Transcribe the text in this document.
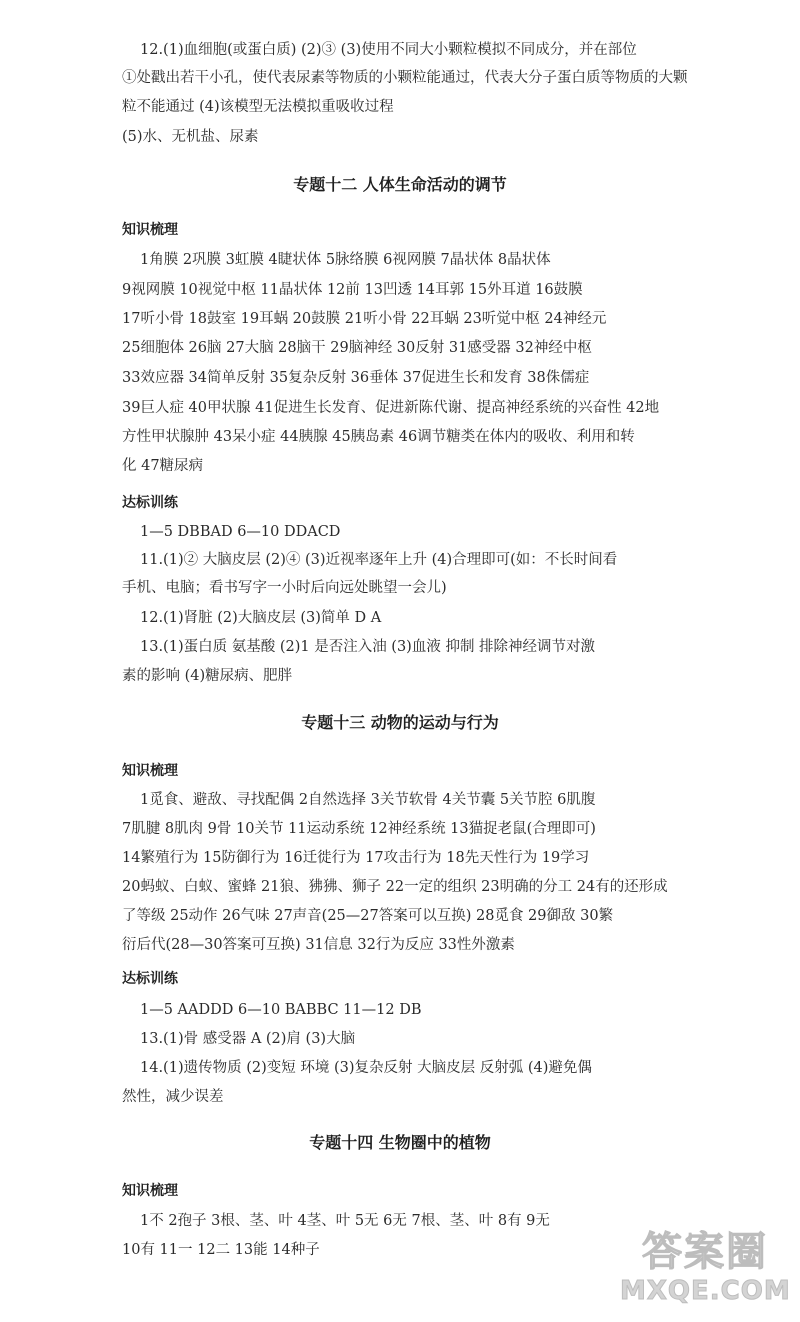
12.(1)血细胞(或蛋白质) (2)③ (3)使用不同大小颗粒模拟不同成分，并在部位
①处戳出若干小孔，使代表尿素等物质的小颗粒能通过，代表大分子蛋白质等物质的大颗
粒不能通过 (4)该模型无法模拟重吸收过程
(5)水、无机盐、尿素
专题十二 人体生命活动的调节
知识梳理
1角膜 2巩膜 3虹膜 4睫状体 5脉络膜 6视网膜 7晶状体 8晶状体
9视网膜 10视觉中枢 11晶状体 12前 13凹透 14耳郭 15外耳道 16鼓膜
17听小骨 18鼓室 19耳蜗 20鼓膜 21听小骨 22耳蜗 23听觉中枢 24神经元
25细胞体 26脑 27大脑 28脑干 29脑神经 30反射 31感受器 32神经中枢
33效应器 34简单反射 35复杂反射 36垂体 37促进生长和发育 38侏儒症
39巨人症 40甲状腺 41促进生长发育、促进新陈代谢、提高神经系统的兴奋性 42地
方性甲状腺肿 43呆小症 44胰腺 45胰岛素 46调节糖类在体内的吸收、利用和转
化 47糖尿病
达标训练
1—5 DBBAD 6—10 DDACD
11.(1)② 大脑皮层 (2)④ (3)近视率逐年上升 (4)合理即可(如：不长时间看
手机、电脑；看书写字一小时后向远处眺望一会儿)
12.(1)肾脏 (2)大脑皮层 (3)简单 D A
13.(1)蛋白质 氨基酸 (2)1 是否注入油 (3)血液 抑制 排除神经调节对激
素的影响 (4)糖尿病、肥胖
专题十三 动物的运动与行为
知识梳理
1觅食、避敌、寻找配偶 2自然选择 3关节软骨 4关节囊 5关节腔 6肌腹
7肌腱 8肌肉 9骨 10关节 11运动系统 12神经系统 13猫捉老鼠(合理即可)
14繁殖行为 15防御行为 16迁徙行为 17攻击行为 18先天性行为 19学习
20蚂蚁、白蚁、蜜蜂 21狼、狒狒、狮子 22一定的组织 23明确的分工 24有的还形成
了等级 25动作 26气味 27声音(25—27答案可以互换) 28觅食 29御敌 30繁
衍后代(28—30答案可互换) 31信息 32行为反应 33性外激素
达标训练
1—5 AADDD 6—10 BABBC 11—12 DB
13.(1)骨 感受器 A (2)肩 (3)大脑
14.(1)遗传物质 (2)变短 环境 (3)复杂反射 大脑皮层 反射弧 (4)避免偶
然性，减少误差
专题十四 生物圈中的植物
知识梳理
1不 2孢子 3根、茎、叶 4茎、叶 5无 6无 7根、茎、叶 8有 9无
10有 11一 12二 13能 14种子	答案圈
MXQE.COM
